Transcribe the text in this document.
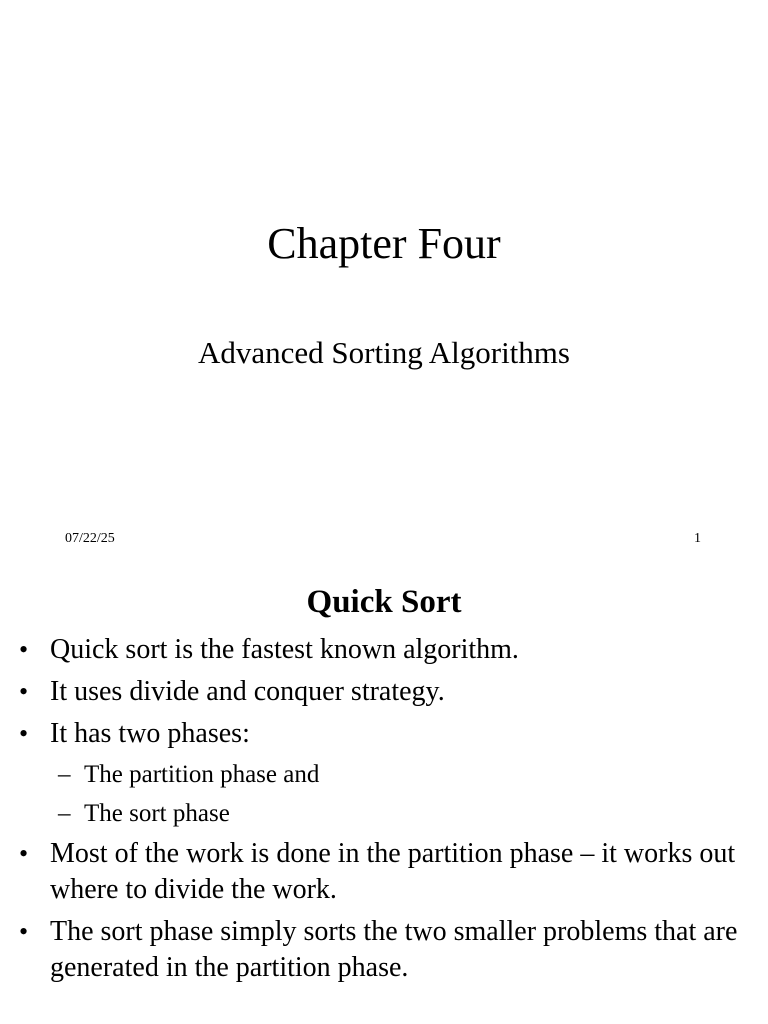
Chapter Four
Advanced Sorting Algorithms
07/22/25	1
Quick Sort
• Quick sort is the fastest known algorithm.
• It uses divide and conquer strategy.
• It has two phases:
– The partition phase and
– The sort phase
• Most of the work is done in the partition phase – it works out where to divide the work.
• The sort phase simply sorts the two smaller problems that are generated in the partition phase.
